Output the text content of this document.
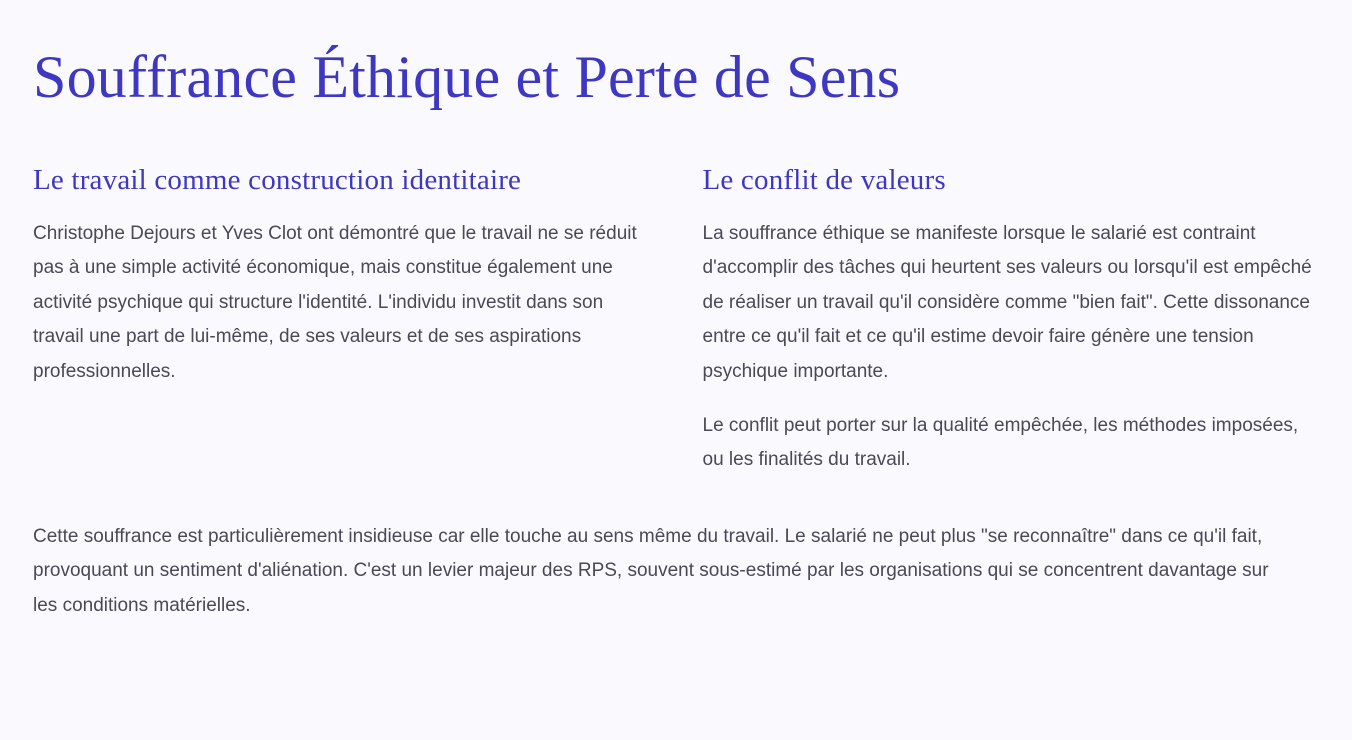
Souffrance Éthique et Perte de Sens
Le travail comme construction identitaire

Christophe Dejours et Yves Clot ont démontré que le travail ne se réduit pas à une simple activité économique, mais constitue également une activité psychique qui structure l'identité. L'individu investit dans son travail une part de lui-même, de ses valeurs et de ses aspirations professionnelles.

Le conflit de valeurs

La souffrance éthique se manifeste lorsque le salarié est contraint d'accomplir des tâches qui heurtent ses valeurs ou lorsqu'il est empêché de réaliser un travail qu'il considère comme "bien fait". Cette dissonance entre ce qu'il fait et ce qu'il estime devoir faire génère une tension psychique importante.

Le conflit peut porter sur la qualité empêchée, les méthodes imposées, ou les finalités du travail.

Cette souffrance est particulièrement insidieuse car elle touche au sens même du travail. Le salarié ne peut plus "se reconnaître" dans ce qu'il fait, provoquant un sentiment d'aliénation. C'est un levier majeur des RPS, souvent sous-estimé par les organisations qui se concentrent davantage sur les conditions matérielles.
